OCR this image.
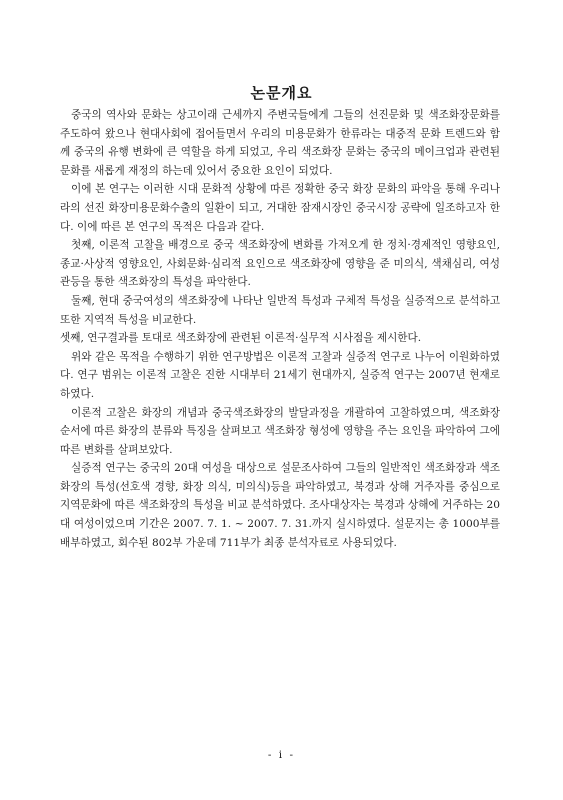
논문개요

중국의 역사와 문화는 상고이래 근세까지 주변국들에게 그들의 선진문화 및 색조화장문화를 주도하여 왔으나 현대사회에 접어들면서 우리의 미용문화가 한류라는 대중적 문화 트렌드와 함께 중국의 유행 변화에 큰 역할을 하게 되었고, 우리 색조화장 문화는 중국의 메이크업과 관련된 문화를 새롭게 재정의 하는데 있어서 중요한 요인이 되었다.

이에 본 연구는 이러한 시대 문화적 상황에 따른 정확한 중국 화장 문화의 파악을 통해 우리나라의 선진 화장미용문화수출의 일환이 되고, 거대한 잠재시장인 중국시장 공략에 일조하고자 한다. 이에 따른 본 연구의 목적은 다음과 같다.

첫째, 이론적 고찰을 배경으로 중국 색조화장에 변화를 가져오게 한 정치·경제적인 영향요인, 종교·사상적 영향요인, 사회문화·심리적 요인으로 색조화장에 영향을 준 미의식, 색채심리, 여성관등을 통한 색조화장의 특성을 파악한다.

둘째, 현대 중국여성의 색조화장에 나타난 일반적 특성과 구체적 특성을 실증적으로 분석하고 또한 지역적 특성을 비교한다.

셋째, 연구결과를 토대로 색조화장에 관련된 이론적·실무적 시사점을 제시한다.

위와 같은 목적을 수행하기 위한 연구방법은 이론적 고찰과 실증적 연구로 나누어 이원화하였다. 연구 범위는 이론적 고찰은 진한 시대부터 21세기 현대까지, 실증적 연구는 2007년 현재로 하였다.

이론적 고찰은 화장의 개념과 중국색조화장의 발달과정을 개괄하여 고찰하였으며, 색조화장 순서에 따른 화장의 분류와 특징을 살펴보고 색조화장 형성에 영향을 주는 요인을 파악하여 그에 따른 변화를 살펴보았다.

실증적 연구는 중국의 20대 여성을 대상으로 설문조사하여 그들의 일반적인 색조화장과 색조화장의 특성(선호색 경향, 화장 의식, 미의식)등을 파악하였고, 북경과 상해 거주자를 중심으로 지역문화에 따른 색조화장의 특성을 비교 분석하였다. 조사대상자는 북경과 상해에 거주하는 20대 여성이었으며 기간은 2007. 7. 1. ~ 2007. 7. 31.까지 실시하였다. 설문지는 총 1000부를 배부하였고, 회수된 802부 가운데 711부가 최종 분석자료로 사용되었다.

- i -
